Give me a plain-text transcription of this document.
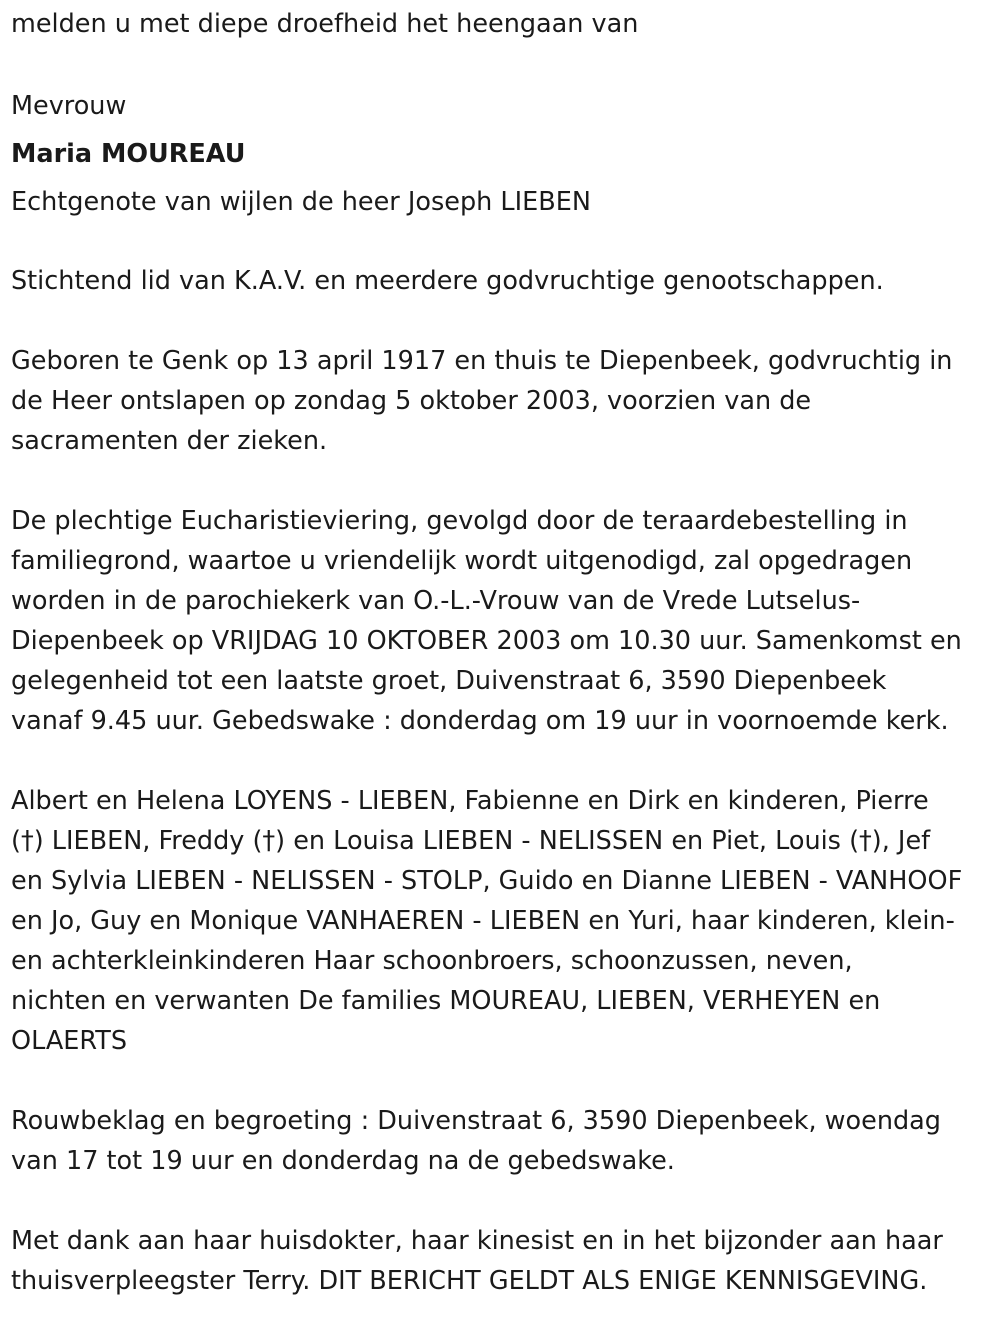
melden u met diepe droefheid het heengaan van
Mevrouw
Maria MOUREAU
Echtgenote van wijlen de heer Joseph LIEBEN
Stichtend lid van K.A.V. en meerdere godvruchtige genootschappen.
Geboren te Genk op 13 april 1917 en thuis te Diepenbeek, godvruchtig in
de Heer ontslapen op zondag 5 oktober 2003, voorzien van de
sacramenten der zieken.
De plechtige Eucharistieviering, gevolgd door de teraardebestelling in
familiegrond, waartoe u vriendelijk wordt uitgenodigd, zal opgedragen
worden in de parochiekerk van O.-L.-Vrouw van de Vrede Lutselus-
Diepenbeek op VRIJDAG 10 OKTOBER 2003 om 10.30 uur. Samenkomst en
gelegenheid tot een laatste groet, Duivenstraat 6, 3590 Diepenbeek
vanaf 9.45 uur. Gebedswake : donderdag om 19 uur in voornoemde kerk.
Albert en Helena LOYENS - LIEBEN, Fabienne en Dirk en kinderen, Pierre
(†) LIEBEN, Freddy (†) en Louisa LIEBEN - NELISSEN en Piet, Louis (†), Jef
en Sylvia LIEBEN - NELISSEN - STOLP, Guido en Dianne LIEBEN - VANHOOF
en Jo, Guy en Monique VANHAEREN - LIEBEN en Yuri, haar kinderen, klein-
en achterkleinkinderen Haar schoonbroers, schoonzussen, neven,
nichten en verwanten De families MOUREAU, LIEBEN, VERHEYEN en
OLAERTS
Rouwbeklag en begroeting : Duivenstraat 6, 3590 Diepenbeek, woendag
van 17 tot 19 uur en donderdag na de gebedswake.
Met dank aan haar huisdokter, haar kinesist en in het bijzonder aan haar
thuisverpleegster Terry. DIT BERICHT GELDT ALS ENIGE KENNISGEVING.
